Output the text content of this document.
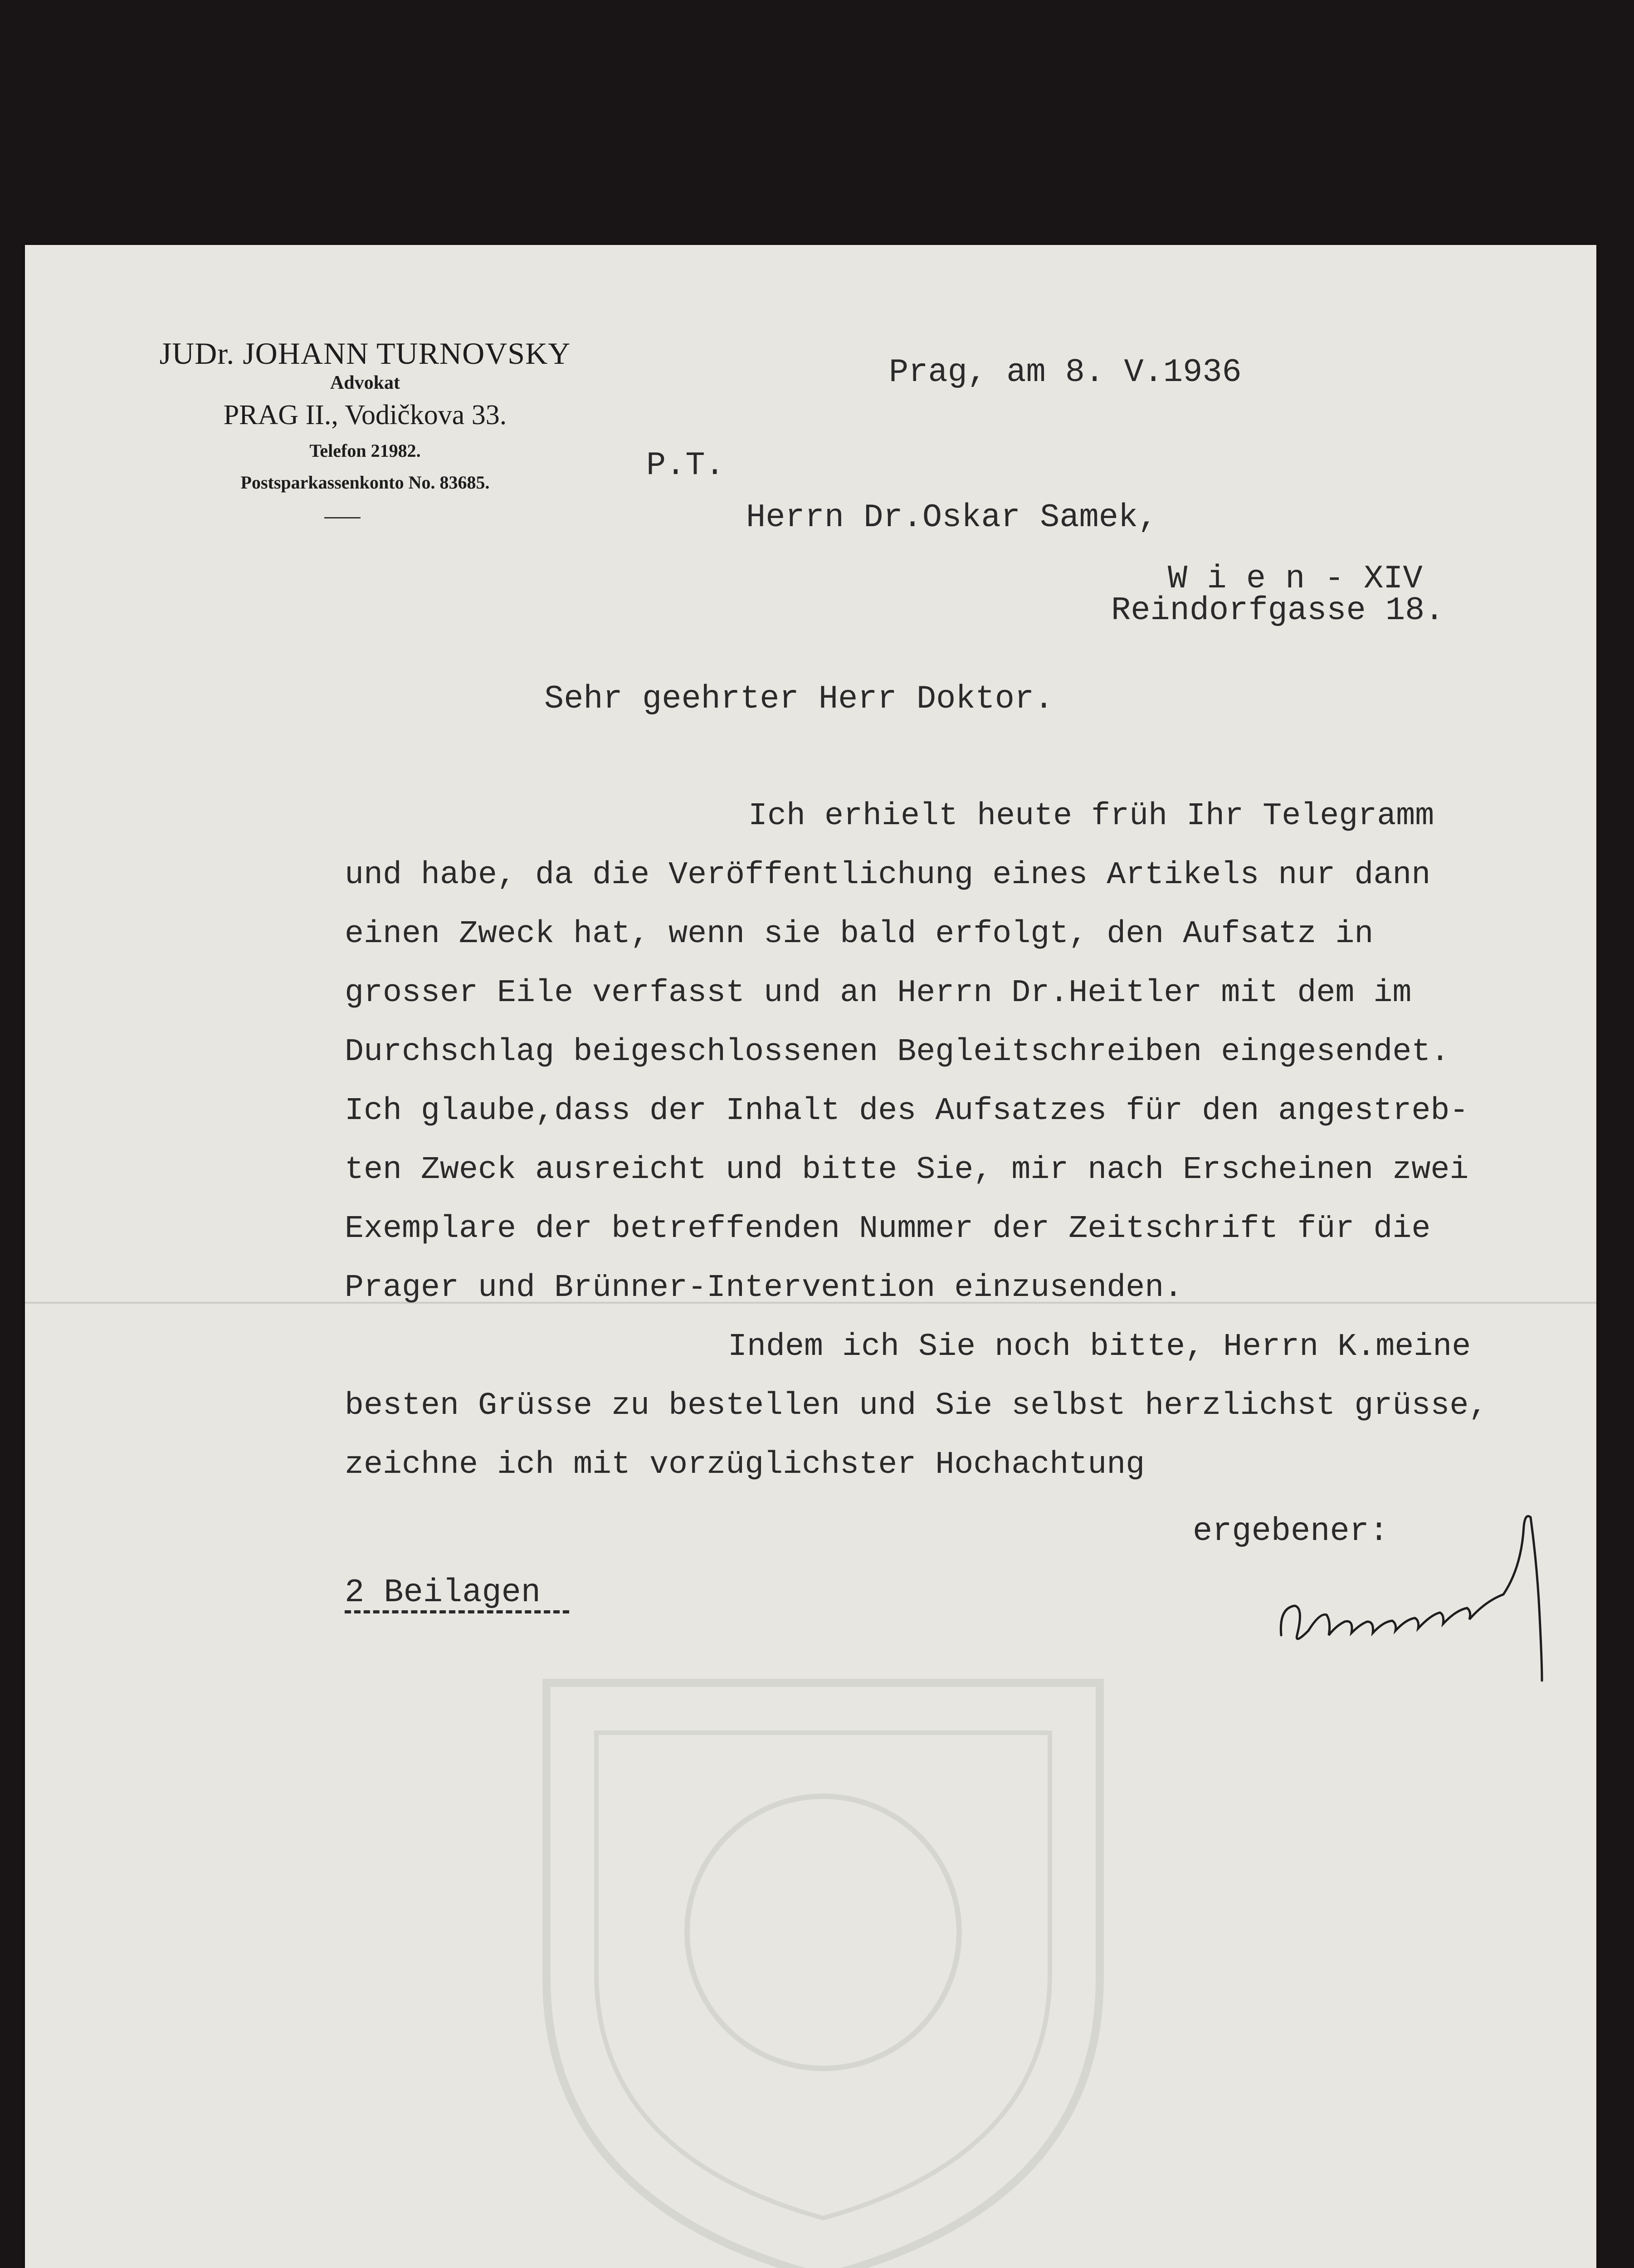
JUDr. JOHANN TURNOVSKY
Advokat
PRAG II., Vodičkova 33.
Telefon 21982.
Postsparkassenkonto No. 83685.
Prag, am 8. V.1936
P.T.
Herrn Dr.Oskar Samek,
W i e n - XIV
Reindorfgasse 18.
Sehr geehrter Herr Doktor.
Ich erhielt heute früh Ihr Telegramm
und habe, da die Veröffentlichung eines Artikels nur dann
einen Zweck hat, wenn sie bald erfolgt, den Aufsatz in
grosser Eile verfasst und an Herrn Dr.Heitler mit dem im
Durchschlag beigeschlossenen Begleitschreiben eingesendet.
Ich glaube,dass der Inhalt des Aufsatzes für den angestreb-
ten Zweck ausreicht und bitte Sie, mir nach Erscheinen zwei
Exemplare der betreffenden Nummer der Zeitschrift für die
Prager und Brünner-Intervention einzusenden.
Indem ich Sie noch bitte, Herrn K.meine
besten Grüsse zu bestellen und Sie selbst herzlichst grüsse,
zeichne ich mit vorzüglichster Hochachtung
ergebener:
2 Beilagen
